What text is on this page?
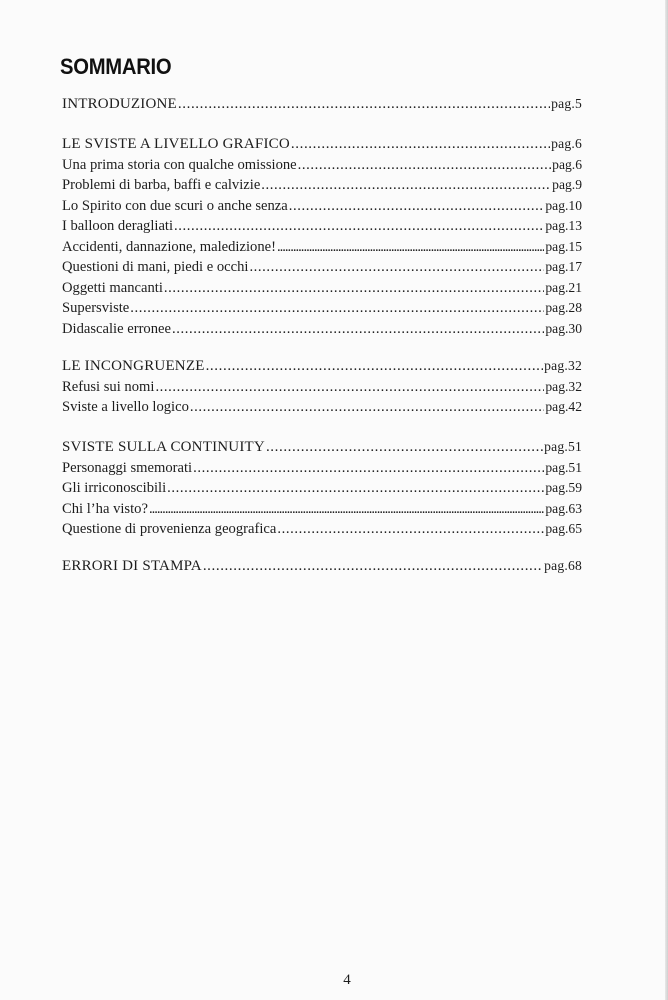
SOMMARIO
INTRODUZIONE .....	pag.5
LE SVISTE A LIVELLO GRAFICO .....	pag.6
Una prima storia con qualche omissione .....	pag.6
Problemi di barba, baffi e calvizie .....	pag.9
Lo Spirito con due scuri o anche senza .....	pag.10
I balloon deragliati .....	pag.13
Accidenti, dannazione, maledizione! .....	pag.15
Questioni di mani, piedi e occhi .....	pag.17
Oggetti mancanti .....	pag.21
Supersviste .....	pag.28
Didascalie erronee .....	pag.30
LE INCONGRUENZE .....	pag.32
Refusi sui nomi .....	pag.32
Sviste a livello logico .....	pag.42
SVISTE SULLA CONTINUITY .....	pag.51
Personaggi smemorati .....	pag.51
Gli irriconoscibili .....	pag.59
Chi l’ha visto? .....	pag.63
Questione di provenienza geografica .....	pag.65
ERRORI DI STAMPA .....	pag.68
4
